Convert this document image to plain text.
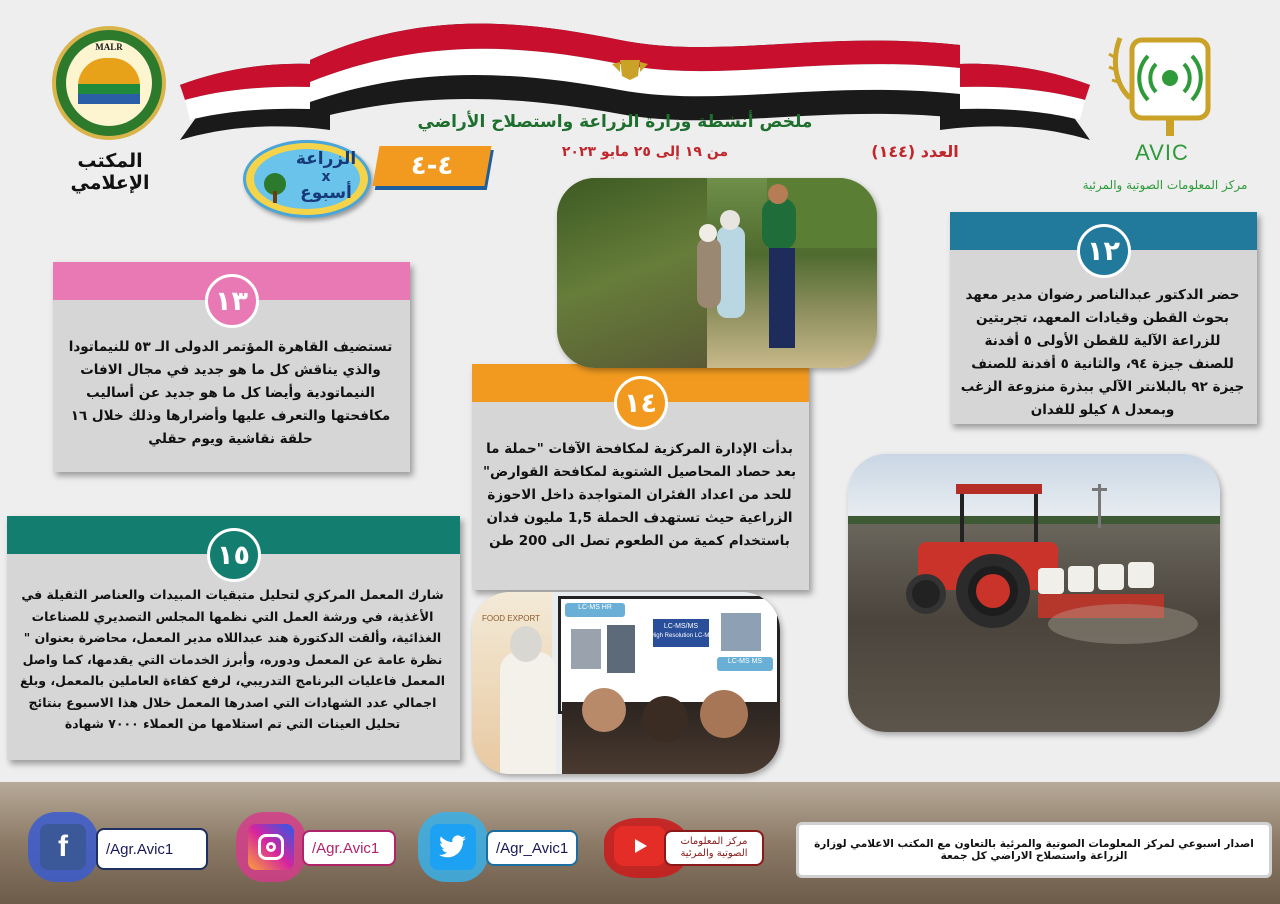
ملخص أنشطة وزارة الزراعة واستصلاح الأراضي
من ١٩ إلى ٢٥ مايو ٢٠٢٣	العدد (١٤٤)
MALR
المكتب الإعلامي
الزراعة
x
أسبوع
٤-٤	AVIC
مركز المعلومات الصوتية والمرئية
١٢
حضر الدكتور عبدالناصر رضوان مدير معهد بحوث القطن وقيادات المعهد، تجربتين للزراعة الآلية للقطن الأولى ٥ أفدنة للصنف جيزة ٩٤، والثانية ٥ أفدنة للصنف جيزة ٩٢ بالبلانتر الآلي ببذرة منزوعة الزغب وبمعدل ٨ كيلو للفدان
١٣
تستضيف القاهرة المؤتمر الدولى الـ ٥٣ للنيماتودا والذي يناقش كل ما هو جديد في مجال الافات النيماتودية وأيضا كل ما هو جديد عن أساليب مكافحتها والتعرف عليها وأضرارها وذلك خلال ١٦ حلقة نقاشية ويوم حقلي
١٤
بدأت الإدارة المركزية لمكافحة الآفات "حملة ما بعد حصاد المحاصيل الشتوية لمكافحة القوارض" للحد من اعداد الفئران المتواجدة داخل الاحوزة الزراعية حيث تستهدف الحملة 1,5 مليون فدان باستخدام كمية من الطعوم تصل الى 200 طن
١٥
شارك المعمل المركزي لتحليل متبقيات المبيدات والعناصر الثقيلة في الأغذية، في ورشة العمل التي نظمها المجلس التصديري للصناعات الغذائية، وألقت الدكتورة هند عبداللاه مدير المعمل، محاضرة بعنوان " نظرة عامة عن المعمل ودوره، وأبرز الخدمات التي يقدمها، كما واصل المعمل فاعليات البرنامج التدريبي، لرفع كفاءة العاملين بالمعمل، وبلغ اجمالي عدد الشهادات التي اصدرها المعمل خلال هذا الاسبوع بنتائج تحليل العينات التي تم استلامها من العملاء ٧٠٠٠ شهادة
FOOD EXPORT
LC-MS HR
LC-MS/MS
High Resolution LC-MS
LC-MS MS
f	/Agr.Avic1	/Agr.Avic1	/Agr_Avic1	مركز المعلومات الصوتية والمرئية
اصدار اسبوعي لمركز المعلومات الصوتية والمرئية بالتعاون مع المكتب الاعلامي لوزارة الزراعة واستصلاح الاراضي كل جمعة
